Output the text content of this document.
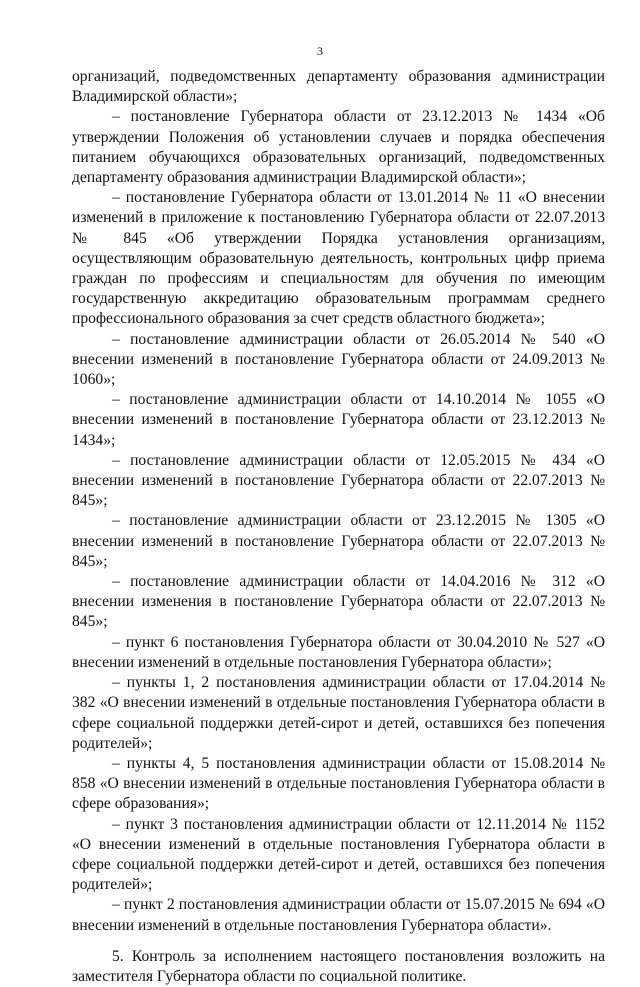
3

организаций, подведомственных департаменту образования администрации Владимирской области»;

– постановление Губернатора области от 23.12.2013 № 1434 «Об утверждении Положения об установлении случаев и порядка обеспечения питанием обучающихся образовательных организаций, подведомственных департаменту образования администрации Владимирской области»;

– постановление Губернатора области от 13.01.2014 № 11 «О внесении изменений в приложение к постановлению Губернатора области от 22.07.2013 № 845 «Об утверждении Порядка установления организациям, осуществляющим образовательную деятельность, контрольных цифр приема граждан по профессиям и специальностям для обучения по имеющим государственную аккредитацию образовательным программам среднего профессионального образования за счет средств областного бюджета»;

– постановление администрации области от 26.05.2014 № 540 «О внесении изменений в постановление Губернатора области от 24.09.2013 № 1060»;

– постановление администрации области от 14.10.2014 № 1055 «О внесении изменений в постановление Губернатора области от 23.12.2013 № 1434»;

– постановление администрации области от 12.05.2015 № 434 «О внесении изменений в постановление Губернатора области от 22.07.2013 № 845»;

– постановление администрации области от 23.12.2015 № 1305 «О внесении изменений в постановление Губернатора области от 22.07.2013 № 845»;

– постановление администрации области от 14.04.2016 № 312 «О внесении изменения в постановление Губернатора области от 22.07.2013 № 845»;

– пункт 6 постановления Губернатора области от 30.04.2010 № 527 «О внесении изменений в отдельные постановления Губернатора области»;

– пункты 1, 2 постановления администрации области от 17.04.2014 № 382 «О внесении изменений в отдельные постановления Губернатора области в сфере социальной поддержки детей-сирот и детей, оставшихся без попечения родителей»;

– пункты 4, 5 постановления администрации области от 15.08.2014 № 858 «О внесении изменений в отдельные постановления Губернатора области в сфере образования»;

– пункт 3 постановления администрации области от 12.11.2014 № 1152 «О внесении изменений в отдельные постановления Губернатора области в сфере социальной поддержки детей-сирот и детей, оставшихся без попечения родителей»;

– пункт 2 постановления администрации области от 15.07.2015 № 694 «О внесении изменений в отдельные постановления Губернатора области».

5. Контроль за исполнением настоящего постановления возложить на заместителя Губернатора области по социальной политике.
